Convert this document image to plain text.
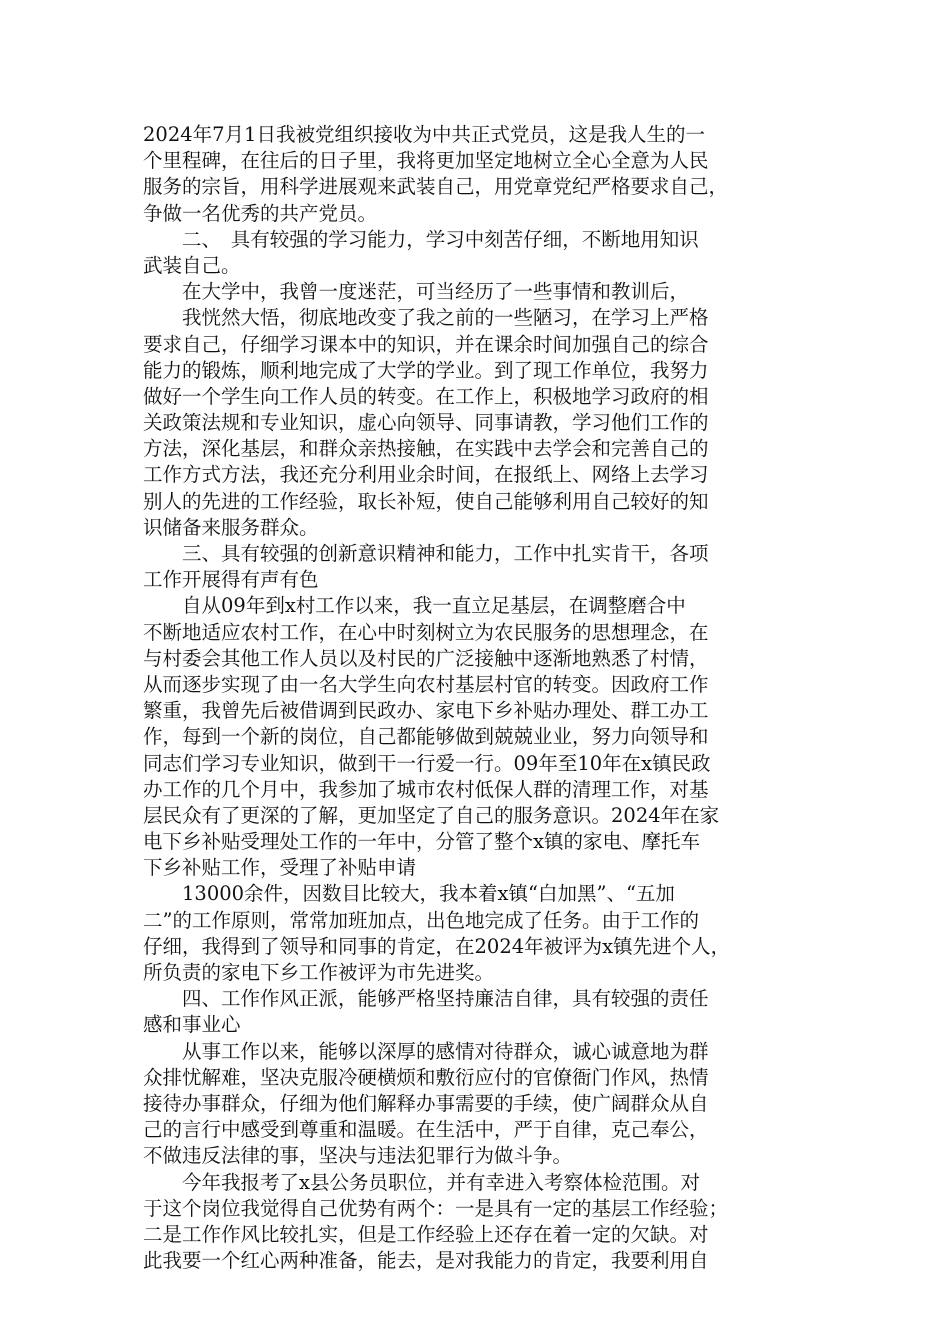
2024年7月1日我被党组织接收为中共正式党员，这是我人生的一
个里程碑，在往后的日子里，我将更加坚定地树立全心全意为人民
服务的宗旨，用科学进展观来武装自己，用党章党纪严格要求自己，
争做一名优秀的共产党员。
　　二、　具有较强的学习能力，学习中刻苦仔细，不断地用知识
武装自己。
　　在大学中，我曾一度迷茫，可当经历了一些事情和教训后，
　　我恍然大悟，彻底地改变了我之前的一些陋习，在学习上严格
要求自己，仔细学习课本中的知识，并在课余时间加强自己的综合
能力的锻炼，顺利地完成了大学的学业。到了现工作单位，我努力
做好一个学生向工作人员的转变。在工作上，积极地学习政府的相
关政策法规和专业知识，虚心向领导、同事请教，学习他们工作的
方法，深化基层，和群众亲热接触，在实践中去学会和完善自己的
工作方式方法，我还充分利用业余时间，在报纸上、网络上去学习
别人的先进的工作经验，取长补短，使自己能够利用自己较好的知
识储备来服务群众。
　　三、具有较强的创新意识精神和能力，工作中扎实肯干，各项
工作开展得有声有色
　　自从09年到x村工作以来，我一直立足基层，在调整磨合中
不断地适应农村工作，在心中时刻树立为农民服务的思想理念，在
与村委会其他工作人员以及村民的广泛接触中逐渐地熟悉了村情，
从而逐步实现了由一名大学生向农村基层村官的转变。因政府工作
繁重，我曾先后被借调到民政办、家电下乡补贴办理处、群工办工
作，每到一个新的岗位，自己都能够做到兢兢业业，努力向领导和
同志们学习专业知识，做到干一行爱一行。09年至10年在x镇民政
办工作的几个月中，我参加了城市农村低保人群的清理工作，对基
层民众有了更深的了解，更加坚定了自己的服务意识。2024年在家
电下乡补贴受理处工作的一年中，分管了整个x镇的家电、摩托车
下乡补贴工作，受理了补贴申请
　　13000余件，因数目比较大，我本着x镇“白加黑”、“五加
二”的工作原则，常常加班加点，出色地完成了任务。由于工作的
仔细，我得到了领导和同事的肯定，在2024年被评为x镇先进个人，
所负责的家电下乡工作被评为市先进奖。
　　四、工作作风正派，能够严格坚持廉洁自律，具有较强的责任
感和事业心
　　从事工作以来，能够以深厚的感情对待群众，诚心诚意地为群
众排忧解难，坚决克服冷硬横烦和敷衍应付的官僚衙门作风，热情
接待办事群众，仔细为他们解释办事需要的手续，使广阔群众从自
己的言行中感受到尊重和温暖。在生活中，严于自律，克己奉公，
不做违反法律的事，坚决与违法犯罪行为做斗争。
　　今年我报考了x县公务员职位，并有幸进入考察体检范围。对
于这个岗位我觉得自己优势有两个：一是具有一定的基层工作经验；
二是工作作风比较扎实，但是工作经验上还存在着一定的欠缺。对
此我要一个红心两种准备，能去，是对我能力的肯定，我要利用自
